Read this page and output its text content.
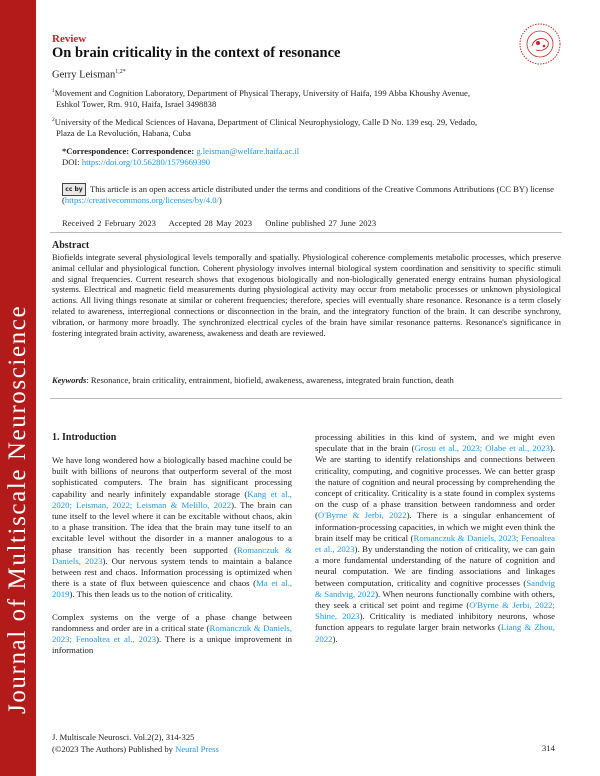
Journal of Multiscale Neuroscience
Review
On brain criticality in the context of resonance
Gerry Leisman$^{1,2*}$
$^1$Movement and Cognition Laboratory, Department of Physical Therapy, University of Haifa, 199 Abba Khoushy Avenue,
Eshkol Tower, Rm. 910, Haifa, Israel 3498838
$^2$University of the Medical Sciences of Havana, Department of Clinical Neurophysiology, Calle D No. 139 esq. 29, Vedado,
Plaza de La Revolución, Habana, Cuba
*Correspondence: Correspondence: g.leisman@welfare.haifa.ac.il
DOI: https://doi.org/10.56280/1579669390
cc by This article is an open access article distributed under the terms and conditions of the Creative Commons Attributions (CC BY) license (https://creativecommons.org/licenses/by/4.0/)
Received 2 February 2023 Accepted 28 May 2023 Online published 27 June 2023
Abstract
Biofields integrate several physiological levels temporally and spatially. Physiological coherence complements metabolic processes, which preserve animal cellular and physiological function. Coherent physiology involves internal biological system coordination and sensitivity to specific stimuli and signal frequencies. Current research shows that exogenous biologically and non-biologically generated energy entrains human physiological systems. Electrical and magnetic field measurements during physiological activity may occur from metabolic processes or unknown physiological actions. All living things resonate at similar or coherent frequencies; therefore, species will eventually share resonance. Resonance is a term closely related to awareness, interregional connections or disconnection in the brain, and the integratory function of the brain. It can describe synchrony, vibration, or harmony more broadly. The synchronized electrical cycles of the brain have similar resonance patterns. Resonance's significance in fostering integrated brain activity, awareness, awakeness and death are reviewed.
Keywords: Resonance, brain criticality, entrainment, biofield, awakeness, awareness, integrated brain function, death
1. Introduction

We have long wondered how a biologically based machine could be built with billions of neurons that outperform several of the most sophisticated computers. The brain has significant processing capability and nearly infinitely expandable storage (Kang et al., 2020; Leisman, 2022; Leisman & Melillo, 2022). The brain can tune itself to the level where it can be excitable without chaos, akin to a phase transition. The idea that the brain may tune itself to an excitable level without the disorder in a manner analogous to a phase transition has recently been supported (Romanczuk & Daniels, 2023). Our nervous system tends to maintain a balance between rest and chaos. Information processing is optimized when there is a state of flux between quiescence and chaos (Ma et al., 2019). This then leads us to the notion of criticality.

Complex systems on the verge of a phase change between randomness and order are in a critical state (Romanczuk & Daniels, 2023; Fenoaltea et al., 2023). There is a unique improvement in information

processing abilities in this kind of system, and we might even speculate that in the brain (Grosu et al., 2023; Olabe et al., 2023). We are starting to identify relationships and connections between criticality, computing, and cognitive processes. We can better grasp the nature of cognition and neural processing by comprehending the concept of criticality. Criticality is a state found in complex systems on the cusp of a phase transition between randomness and order (O'Byrne & Jerbi, 2022). There is a singular enhancement of information-processing capacities, in which we might even think the brain itself may be critical (Romanczuk & Daniels, 2023; Fenoaltea et al., 2023). By understanding the notion of criticality, we can gain a more fundamental understanding of the nature of cognition and neural computation. We are finding associations and linkages between computation, criticality and cognitive processes (Sandvig & Sandvig, 2022). When neurons functionally combine with others, they seek a critical set point and regime (O'Byrne & Jerbi, 2022; Shine, 2023). Criticality is mediated inhibitory neurons, whose function appears to regulate larger brain networks (Liang & Zhou, 2022).

J. Multiscale Neurosci. Vol.2(2), 314-325
(©2023 The Authors) Published by Neural Press	314
